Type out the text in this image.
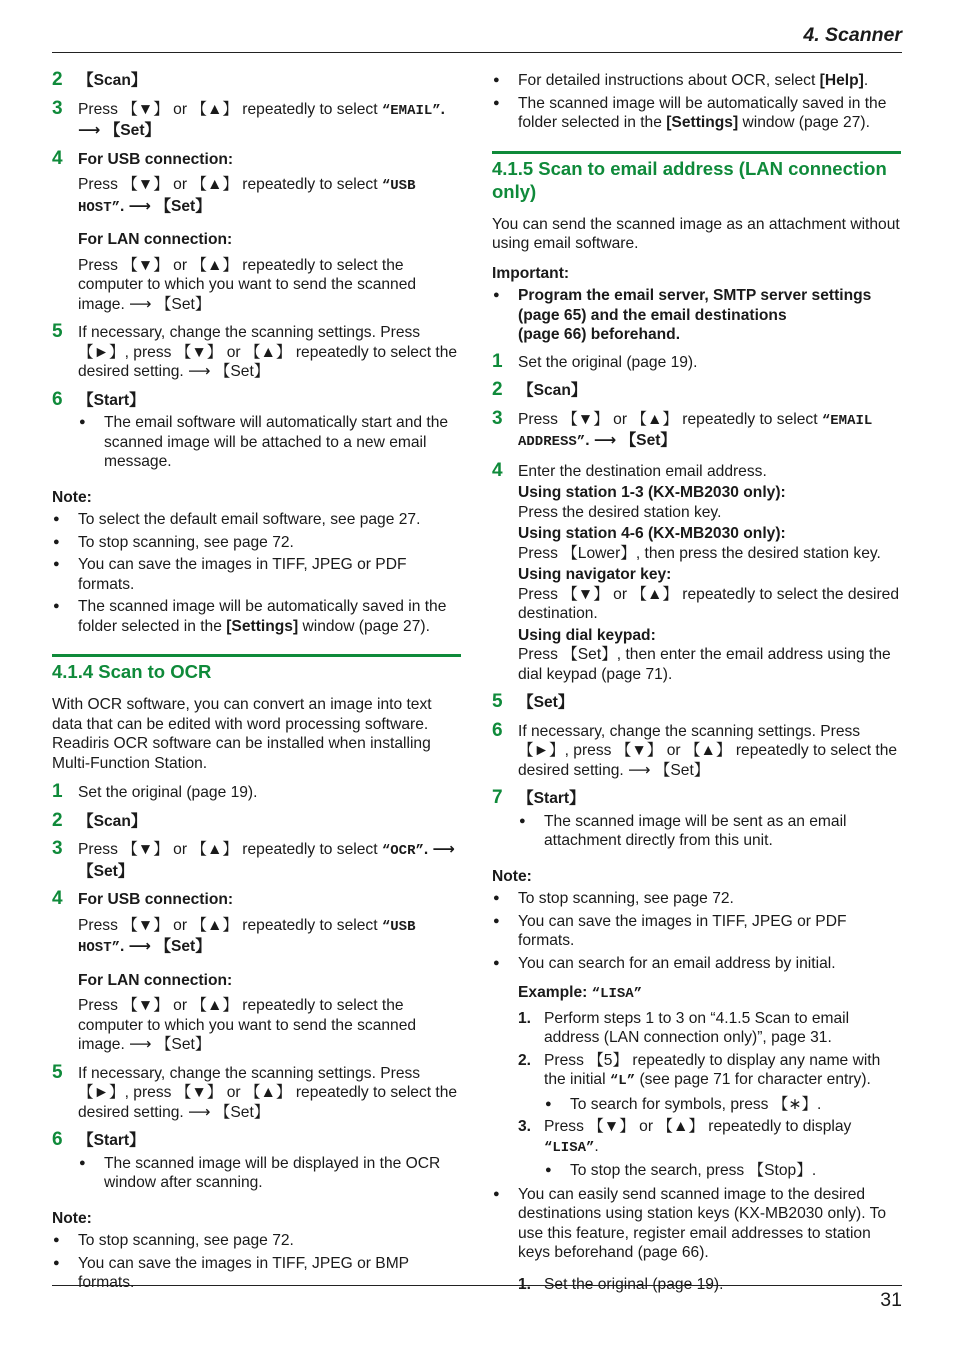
4. Scanner
2 【Scan】
3 Press 【▼】 or 【▲】 repeatedly to select “EMAIL”. ⟶ 【Set】
4 For USB connection:
Press 【▼】 or 【▲】 repeatedly to select “USB HOST”. ⟶ 【Set】
For LAN connection:
Press 【▼】 or 【▲】 repeatedly to select the computer to which you want to send the scanned image. ⟶ 【Set】
5 If necessary, change the scanning settings. Press 【►】, press 【▼】 or 【▲】 repeatedly to select the desired setting. ⟶ 【Set】
6 【Start】
● The email software will automatically start and the scanned image will be attached to a new email message.
Note:
● To select the default email software, see page 27.
● To stop scanning, see page 72.
● You can save the images in TIFF, JPEG or PDF formats.
● The scanned image will be automatically saved in the folder selected in the [Settings] window (page 27).
4.1.4 Scan to OCR
With OCR software, you can convert an image into text data that can be edited with word processing software. Readiris OCR software can be installed when installing Multi-Function Station.
1 Set the original (page 19).
2 【Scan】
3 Press 【▼】 or 【▲】 repeatedly to select “OCR”. ⟶ 【Set】
4 For USB connection:
Press 【▼】 or 【▲】 repeatedly to select “USB HOST”. ⟶ 【Set】
For LAN connection:
Press 【▼】 or 【▲】 repeatedly to select the computer to which you want to send the scanned image. ⟶ 【Set】
5 If necessary, change the scanning settings. Press 【►】, press 【▼】 or 【▲】 repeatedly to select the desired setting. ⟶ 【Set】
6 【Start】
● The scanned image will be displayed in the OCR window after scanning.
Note:
● To stop scanning, see page 72.
● You can save the images in TIFF, JPEG or BMP formats.
● For detailed instructions about OCR, select [Help].
● The scanned image will be automatically saved in the folder selected in the [Settings] window (page 27).
4.1.5 Scan to email address (LAN connection only)
You can send the scanned image as an attachment without using email software.
Important:
● Program the email server, SMTP server settings
(page 65) and the email destinations
(page 66) beforehand.
1 Set the original (page 19).
2 【Scan】
3 Press 【▼】 or 【▲】 repeatedly to select “EMAIL ADDRESS”. ⟶ 【Set】
4 Enter the destination email address.
Using station 1-3 (KX-MB2030 only):
Press the desired station key.
Using station 4-6 (KX-MB2030 only):
Press 【Lower】, then press the desired station key.
Using navigator key:
Press 【▼】 or 【▲】 repeatedly to select the desired destination.
Using dial keypad:
Press 【Set】, then enter the email address using the dial keypad (page 71).
5 【Set】
6 If necessary, change the scanning settings. Press 【►】, press 【▼】 or 【▲】 repeatedly to select the desired setting. ⟶ 【Set】
7 【Start】
● The scanned image will be sent as an email attachment directly from this unit.
Note:
● To stop scanning, see page 72.
● You can save the images in TIFF, JPEG or PDF formats.
● You can search for an email address by initial.
Example: “LISA”
1. Perform steps 1 to 3 on “4.1.5 Scan to email address (LAN connection only)”, page 31.
2. Press 【5】 repeatedly to display any name with the initial “L” (see page 71 for character entry).
● To search for symbols, press 【∗】.
3. Press 【▼】 or 【▲】 repeatedly to display “LISA”.
● To stop the search, press 【Stop】.
● You can easily send scanned image to the desired destinations using station keys (KX-MB2030 only). To use this feature, register email addresses to station keys beforehand (page 66).
1. Set the original (page 19).
31
